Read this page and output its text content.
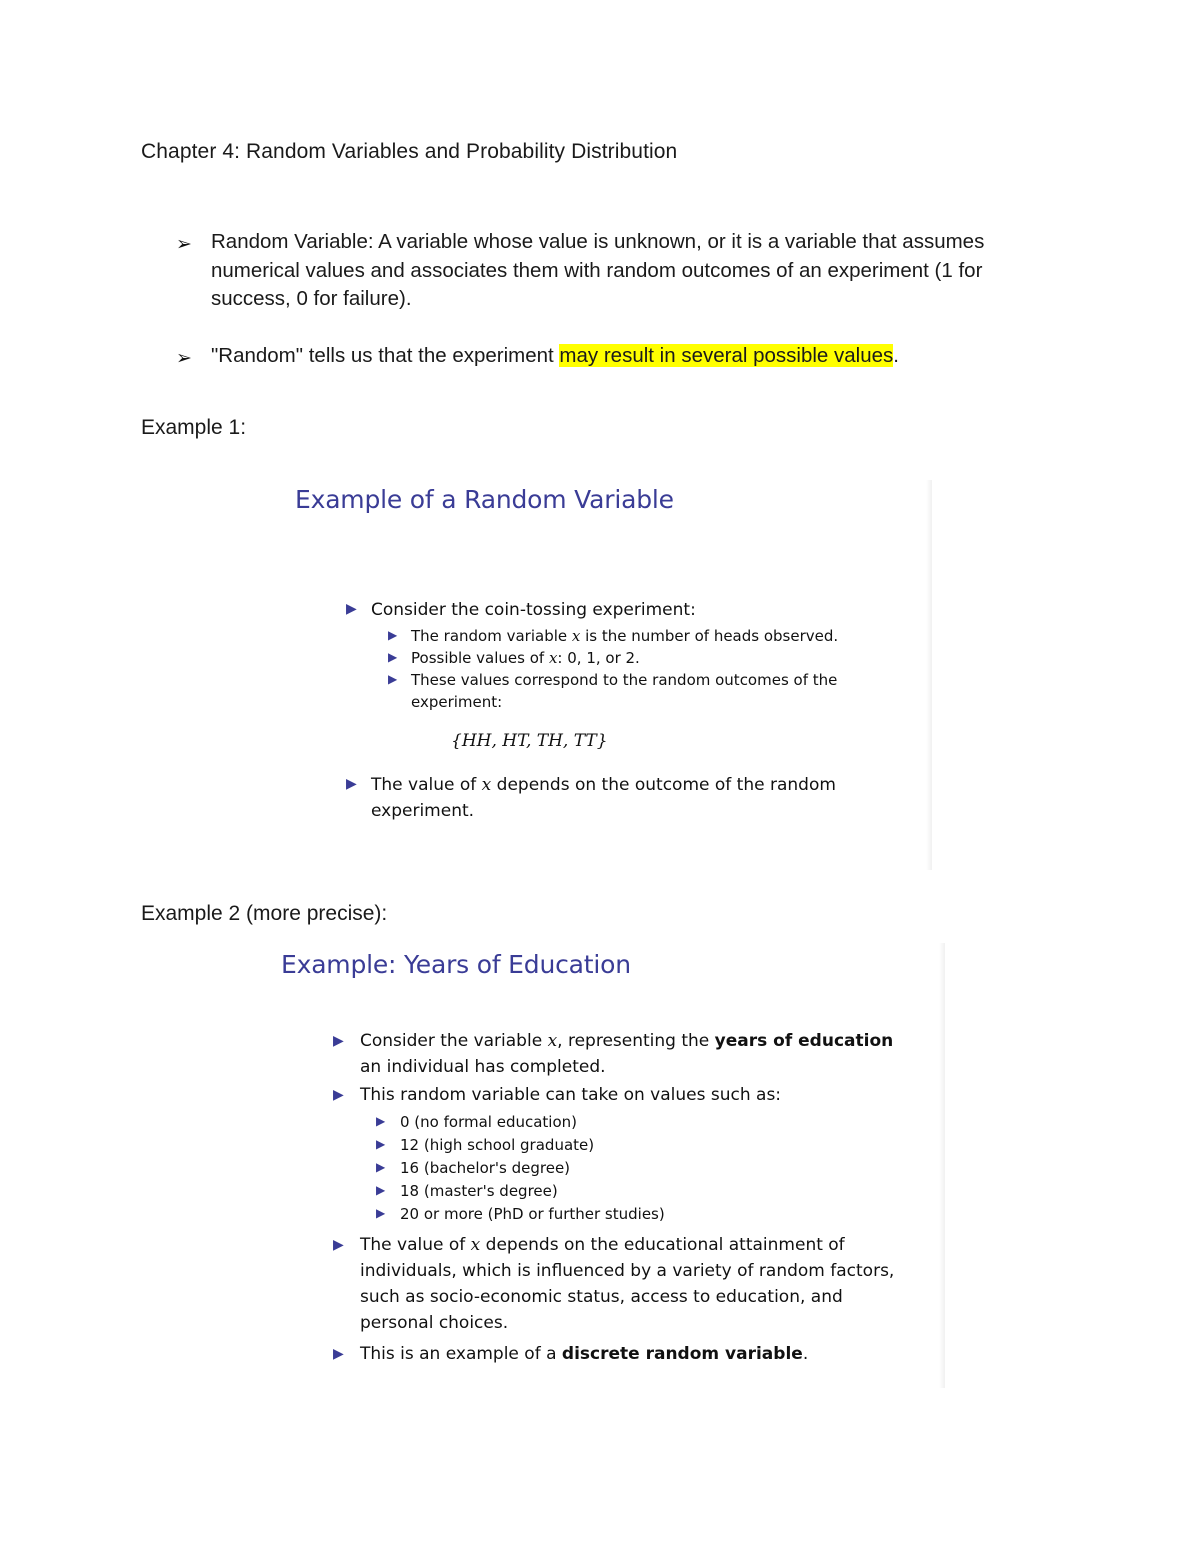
Chapter 4: Random Variables and Probability Distribution
➢ Random Variable: A variable whose value is unknown, or it is a variable that assumes numerical values and associates them with random outcomes of an experiment (1 for success, 0 for failure).
➢ "Random" tells us that the experiment may result in several possible values.
Example 1:
Example of a Random Variable
▶ Consider the coin-tossing experiment:
▶ The random variable x is the number of heads observed.
▶ Possible values of x: 0, 1, or 2.
▶ These values correspond to the random outcomes of the
experiment:
{HH, HT, TH, TT}
▶ The value of x depends on the outcome of the random
experiment.
Example 2 (more precise):
Example: Years of Education
▶ Consider the variable x, representing the years of education
an individual has completed.
▶ This random variable can take on values such as:
▶ 0 (no formal education)
▶ 12 (high school graduate)
▶ 16 (bachelor's degree)
▶ 18 (master's degree)
▶ 20 or more (PhD or further studies)
▶ The value of x depends on the educational attainment of
individuals, which is influenced by a variety of random factors,
such as socio-economic status, access to education, and
personal choices.
▶ This is an example of a discrete random variable.
